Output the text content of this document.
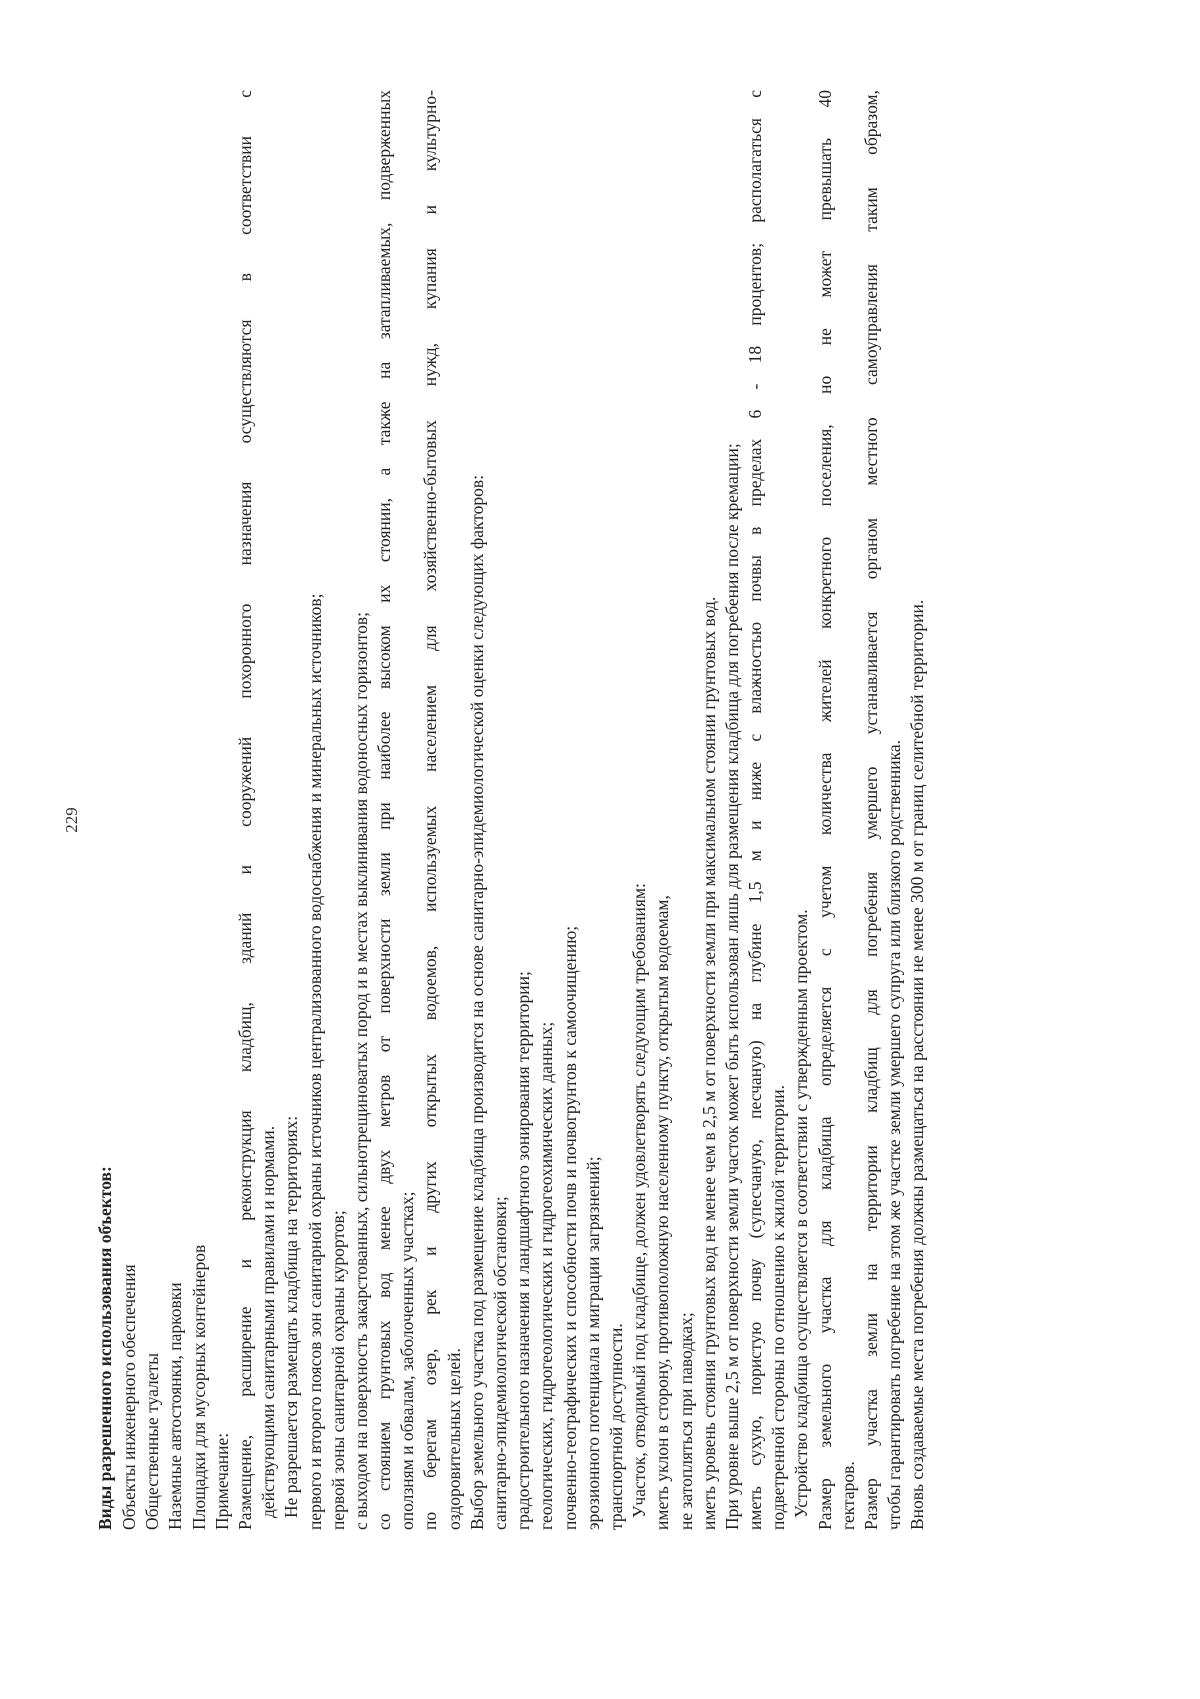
229
Виды разрешенного использования объектов: Объекты инженерного обеспечения Общественные туалеты Наземные автостоянки, парковки Площадки для мусорных контейнеров Примечание: Размещение, расширение и реконструкция кладбищ, зданий и сооружений похоронного назначения осуществляются в соответствии с действующими санитарными правилами и нормами. Не разрешается размещать кладбища на территориях: первого и второго поясов зон санитарной охраны источников централизованного водоснабжения и минеральных источников; первой зоны санитарной охраны курортов; с выходом на поверхность закарстованных, сильнотрещиноватых пород и в местах выклинивания водоносных горизонтов; со стоянием грунтовых вод менее двух метров от поверхности земли при наиболее высоком их стоянии, а также на затапливаемых, подверженных оползням и обвалам, заболоченных участках; по берегам озер, рек и других открытых водоемов, используемых населением для хозяйственно-бытовых нужд, купания и культурно- оздоровительных целей. Выбор земельного участка под размещение кладбища производится на основе санитарно-эпидемиологической оценки следующих факторов: санитарно-эпидемиологической обстановки; градостроительного назначения и ландшафтного зонирования территории; геологических, гидрогеологических и гидрогеохимических данных; почвенно-географических и способности почв и почвогрунтов к самоочищению; эрозионного потенциала и миграции загрязнений; транспортной доступности. Участок, отводимый под кладбище, должен удовлетворять следующим требованиям: иметь уклон в сторону, противоположную населенному пункту, открытым водоемам, не затопляться при паводках; иметь уровень стояния грунтовых вод не менее чем в 2,5 м от поверхности земли при максимальном стоянии грунтовых вод. При уровне выше 2,5 м от поверхности земли участок может быть использован лишь для размещения кладбища для погребения после кремации; иметь сухую, пористую почву (супесчаную, песчаную) на глубине 1,5 м и ниже с влажностью почвы в пределах 6 - 18 процентов; располагаться с подветренной стороны по отношению к жилой территории. Устройство кладбища осуществляется в соответствии с утвержденным проектом. Размер земельного участка для кладбища определяется с учетом количества жителей конкретного поселения, но не может превышать 40 гектаров. Размер участка земли на территории кладбищ для погребения умершего устанавливается органом местного самоуправления таким образом, чтобы гарантировать погребение на этом же участке земли умершего супруга или близкого родственника. Вновь создаваемые места погребения должны размещаться на расстоянии не менее 300 м от границ селитебной территории.
